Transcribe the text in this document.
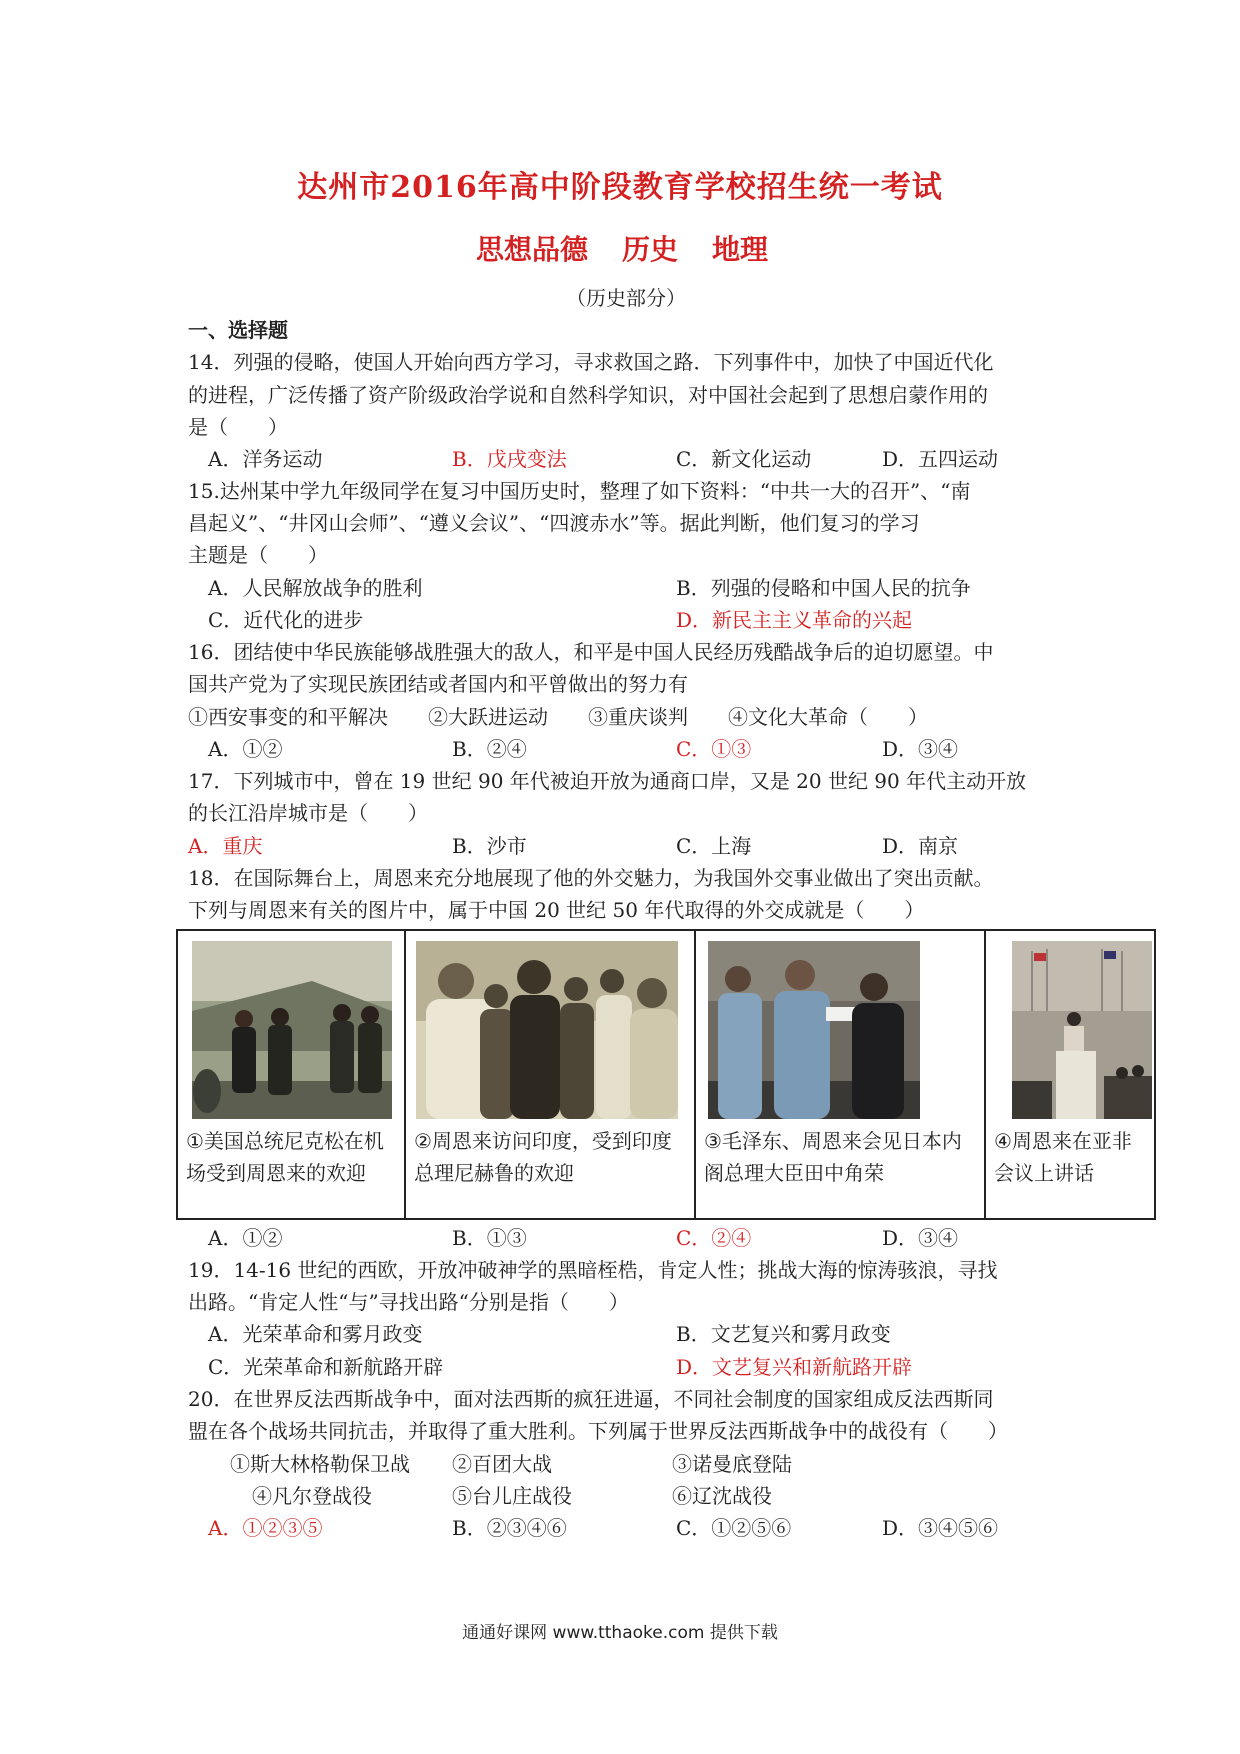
达州市2016年高中阶段教育学校招生统一考试
思想品德 历史 地理
（历史部分）
一、选择题
14．列强的侵略，使国人开始向西方学习，寻求救国之路．下列事件中，加快了中国近代化
的进程，广泛传播了资产阶级政治学说和自然科学知识，对中国社会起到了思想启蒙作用的
是（　　）
A．洋务运动	B．戊戌变法	C．新文化运动	D．五四运动
15.达州某中学九年级同学在复习中国历史时，整理了如下资料：“中共一大的召开”、“南
昌起义”、“井冈山会师”、“遵义会议”、“四渡赤水”等。据此判断，他们复习的学习
主题是（　　）
A．人民解放战争的胜利	B．列强的侵略和中国人民的抗争
C．近代化的进步	D．新民主主义革命的兴起
16．团结使中华民族能够战胜强大的敌人，和平是中国人民经历残酷战争后的迫切愿望。中
国共产党为了实现民族团结或者国内和平曾做出的努力有
①西安事变的和平解决　　②大跃进运动　　③重庆谈判　　④文化大革命（　　）
A．①②	B．②④	C．①③	D．③④
17．下列城市中，曾在 19 世纪 90 年代被迫开放为通商口岸，又是 20 世纪 90 年代主动开放
的长江沿岸城市是（　　）
A．重庆	B．沙市	C．上海	D．南京
18．在国际舞台上，周恩来充分地展现了他的外交魅力，为我国外交事业做出了突出贡献。
下列与周恩来有关的图片中，属于中国 20 世纪 50 年代取得的外交成就是（　　）
①美国总统尼克松在机场受到周恩来的欢迎
②周恩来访问印度，受到印度总理尼赫鲁的欢迎
③毛泽东、周恩来会见日本内阁总理大臣田中角荣
④周恩来在亚非会议上讲话
A．①②	B．①③	C．②④	D．③④
19．14-16 世纪的西欧，开放冲破神学的黑暗桎梏，肯定人性；挑战大海的惊涛骇浪，寻找
出路。“肯定人性“与”寻找出路“分别是指（　　）
A．光荣革命和雾月政变	B．文艺复兴和雾月政变
C．光荣革命和新航路开辟	D．文艺复兴和新航路开辟
20．在世界反法西斯战争中，面对法西斯的疯狂进逼，不同社会制度的国家组成反法西斯同
盟在各个战场共同抗击，并取得了重大胜利。下列属于世界反法西斯战争中的战役有（　　）
①斯大林格勒保卫战 ②百团大战	③诺曼底登陆
④凡尔登战役	⑤台儿庄战役	⑥辽沈战役
A．①②③⑤	B．②③④⑥	C．①②⑤⑥	D．③④⑤⑥
通通好课网 www.tthaoke.com 提供下载
